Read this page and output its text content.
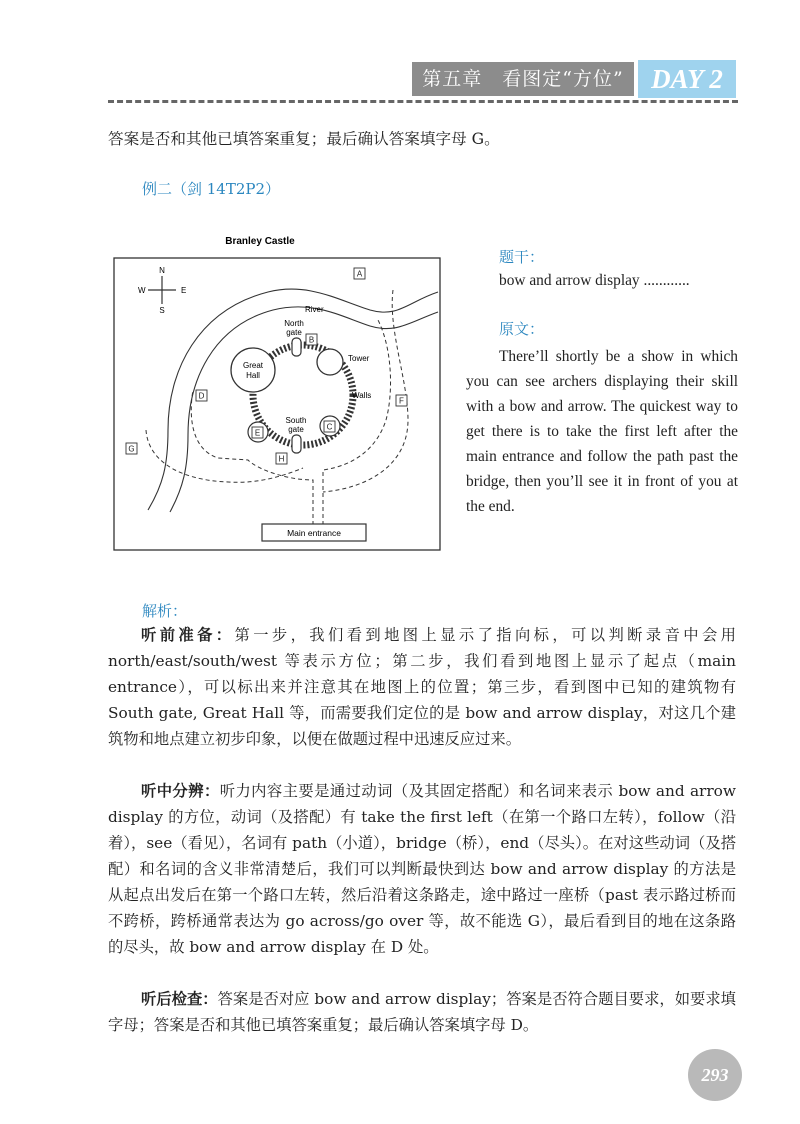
第五章　看图定“方位”	DAY 2

答案是否和其他已填答案重复；最后确认答案填字母 G。

例二（剑 14T2P2）
Branley Castle
N
S
E
W
River
Great
Hall
Tower
Walls
North
gate
South
gate
A
B
C
D
E
F
G
H
Main entrance
题干：

bow and arrow display ............

原文：

There’ll shortly be a show in which you can see archers displaying their skill with a bow and arrow. The quickest way to get there is to take the first left after the main entrance and follow the path past the bridge, then you’ll see it in front of you at the end.

解析：

听前准备：第一步，我们看到地图上显示了指向标，可以判断录音中会用 north/east/south/west 等表示方位；第二步，我们看到地图上显示了起点（main entrance），可以标出来并注意其在地图上的位置；第三步，看到图中已知的建筑物有 South gate, Great Hall 等，而需要我们定位的是 bow and arrow display，对这几个建筑物和地点建立初步印象，以便在做题过程中迅速反应过来。

听中分辨：听力内容主要是通过动词（及其固定搭配）和名词来表示 bow and arrow display 的方位，动词（及搭配）有 take the first left（在第一个路口左转），follow（沿着），see（看见），名词有 path（小道），bridge（桥），end（尽头）。在对这些动词（及搭配）和名词的含义非常清楚后，我们可以判断最快到达 bow and arrow display 的方法是从起点出发后在第一个路口左转，然后沿着这条路走，途中路过一座桥（past 表示路过桥而不跨桥，跨桥通常表达为 go across/go over 等，故不能选 G），最后看到目的地在这条路的尽头，故 bow and arrow display 在 D 处。

听后检查：答案是否对应 bow and arrow display；答案是否符合题目要求，如要求填字母；答案是否和其他已填答案重复；最后确认答案填字母 D。

293
